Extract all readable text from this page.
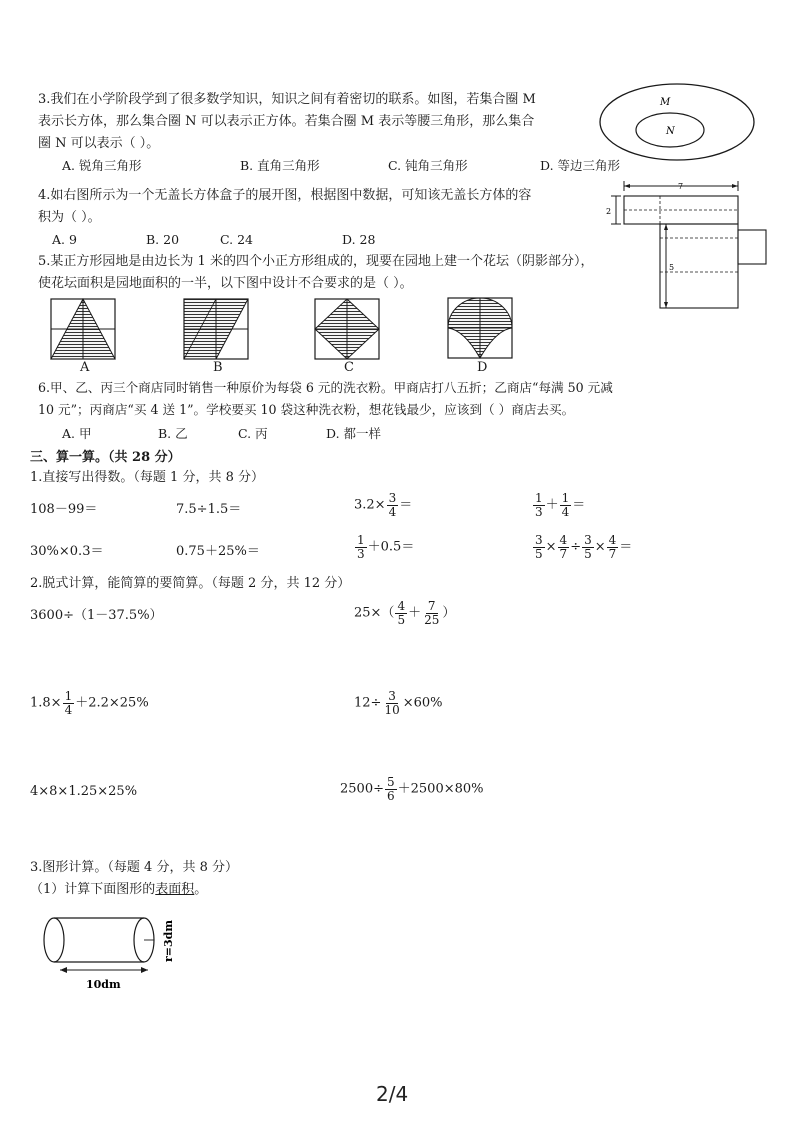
3.我们在小学阶段学到了很多数学知识，知识之间有着密切的联系。如图，若集合圈 M
表示长方体，那么集合圈 N 可以表示正方体。若集合圈 M 表示等腰三角形，那么集合
圈 N 可以表示（ ）。
A. 锐角三角形	B. 直角三角形	C. 钝角三角形	D. 等边三角形
M
N
4.如右图所示为一个无盖长方体盒子的展开图，根据图中数据，可知该无盖长方体的容
积为（ ）。
A. 9	B. 20	C. 24	D. 28
7
2
5
5.某正方形园地是由边长为 1 米的四个小正方形组成的，现要在园地上建一个花坛（阴影部分），
使花坛面积是园地面积的一半，以下图中设计不合要求的是（ ）。
A	B	C	D
6.甲、乙、丙三个商店同时销售一种原价为每袋 6 元的洗衣粉。甲商店打八五折；乙商店“每满 50 元减
10 元”；丙商店“买 4 送 1”。学校要买 10 袋这种洗衣粉，想花钱最少，应该到（ ）商店去买。
A. 甲	B. 乙	C. 丙	D. 都一样
三、算一算。（共 28 分）
1.直接写出得数。（每题 1 分，共 8 分）
108－99＝	7.5÷1.5＝	$3.2\times \frac{3}{4}$ ＝	$\frac{1}{3} + \frac{1}{4}$ ＝
30%×0.3＝	0.75＋25%＝	$\frac{1}{3} +0.5=$	$\frac{3}{5} \times \frac{4}{7} \div \frac{3}{5} \times \frac{4}{7}$ ＝
2.脱式计算，能简算的要简算。（每题 2 分，共 12 分）
3600÷（1－37.5%）	$25\times( \frac{4}{5} + \frac{7}{25}$ ）
$1.8\times \frac{1}{4} +2.2\times 25\%$	$12\div \frac{3}{10} \times 60\%$
4×8×1.25×25%	$2500\div \frac{5}{6} +2500\times 80\%$
3.图形计算。（每题 4 分，共 8 分）
（1）计算下面图形的表面积。
10dm
r=3dm
2/4
